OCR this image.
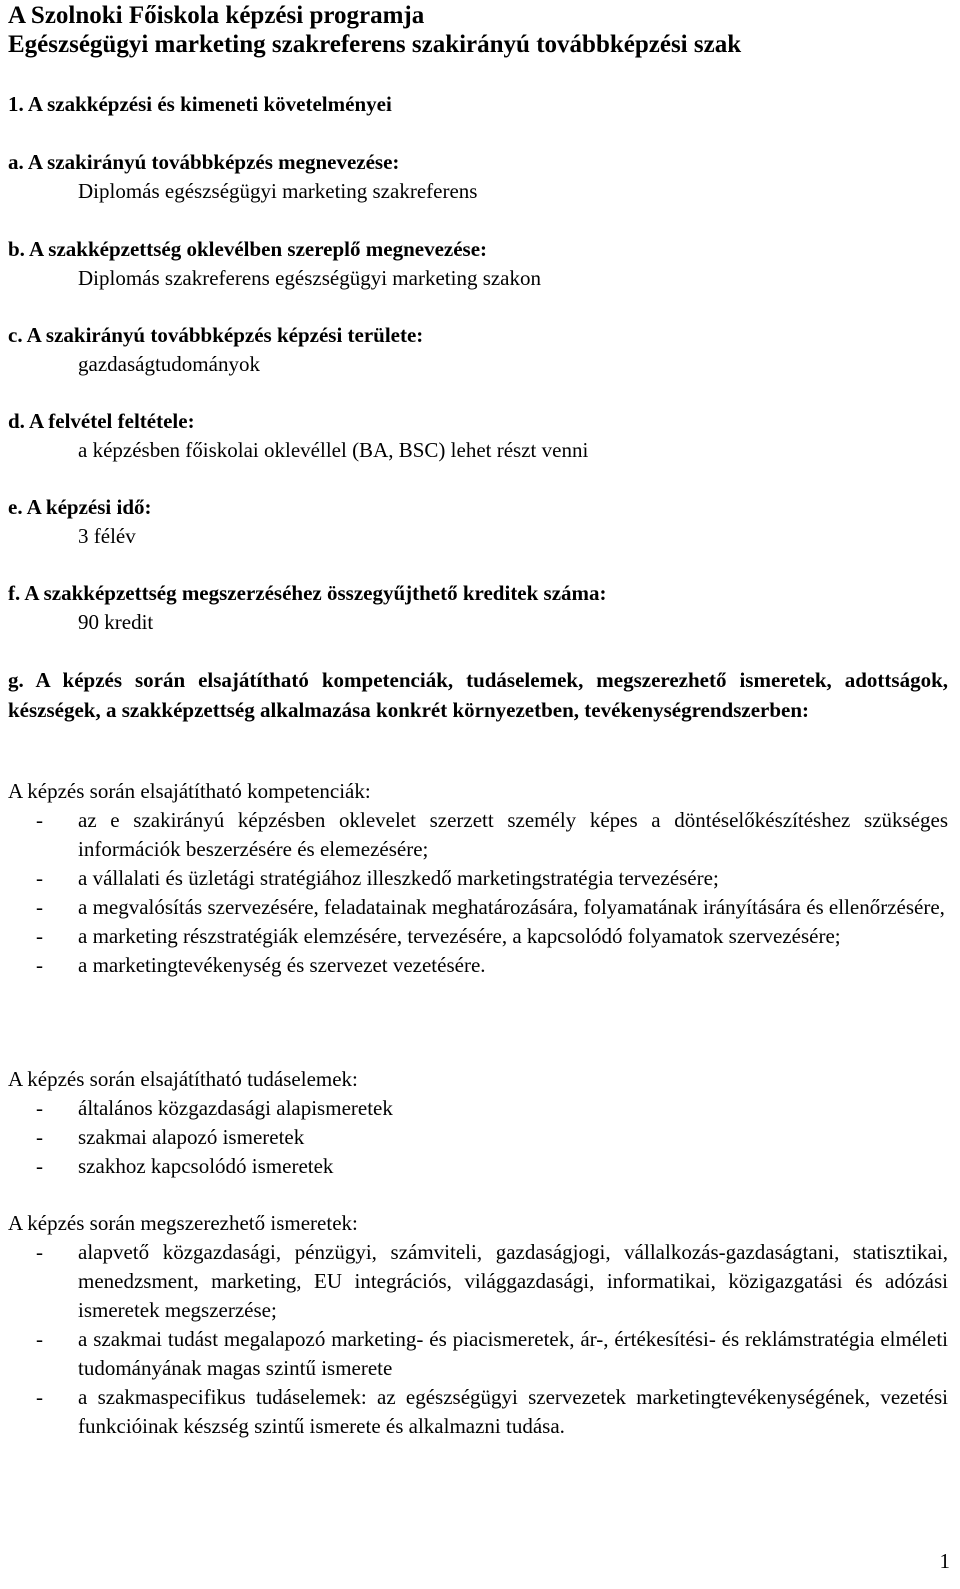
A Szolnoki Főiskola képzési programja
Egészségügyi marketing szakreferens szakirányú továbbképzési szak
1. A szakképzési és kimeneti követelményei
a. A szakirányú továbbképzés megnevezése:
Diplomás egészségügyi marketing szakreferens
b. A szakképzettség oklevélben szereplő megnevezése:
Diplomás szakreferens egészségügyi marketing szakon
c. A szakirányú továbbképzés képzési területe:
gazdaságtudományok
d. A felvétel feltétele:
a képzésben főiskolai oklevéllel (BA, BSC) lehet részt venni
e. A képzési idő:
3 félév
f. A szakképzettség megszerzéséhez összegyűjthető kreditek száma:
90 kredit
g. A képzés során elsajátítható kompetenciák, tudáselemek, megszerezhető ismeretek, adottságok, készségek, a szakképzettség alkalmazása konkrét környezetben, tevékenységrendszerben:
A képzés során elsajátítható kompetenciák:
- az e szakirányú képzésben oklevelet szerzett személy képes a döntéselőkészítéshez szükséges információk beszerzésére és elemezésére;
- a vállalati és üzletági stratégiához illeszkedő marketingstratégia tervezésére;
- a megvalósítás szervezésére, feladatainak meghatározására, folyamatának irányítására és ellenőrzésére,
- a marketing részstratégiák elemzésére, tervezésére, a kapcsolódó folyamatok szervezésére;
- a marketingtevékenység és szervezet vezetésére.
A képzés során elsajátítható tudáselemek:
- általános közgazdasági alapismeretek
- szakmai alapozó ismeretek
- szakhoz kapcsolódó ismeretek
A képzés során megszerezhető ismeretek:
- alapvető közgazdasági, pénzügyi, számviteli, gazdaságjogi, vállalkozás-gazdaságtani, statisztikai, menedzsment, marketing, EU integrációs, világgazdasági, informatikai, közigazgatási és adózási ismeretek megszerzése;
- a szakmai tudást megalapozó marketing- és piacismeretek, ár-, értékesítési- és reklámstratégia elméleti tudományának magas szintű ismerete
- a szakmaspecifikus tudáselemek: az egészségügyi szervezetek marketingtevékenységének, vezetési funkcióinak készség szintű ismerete és alkalmazni tudása.
1
